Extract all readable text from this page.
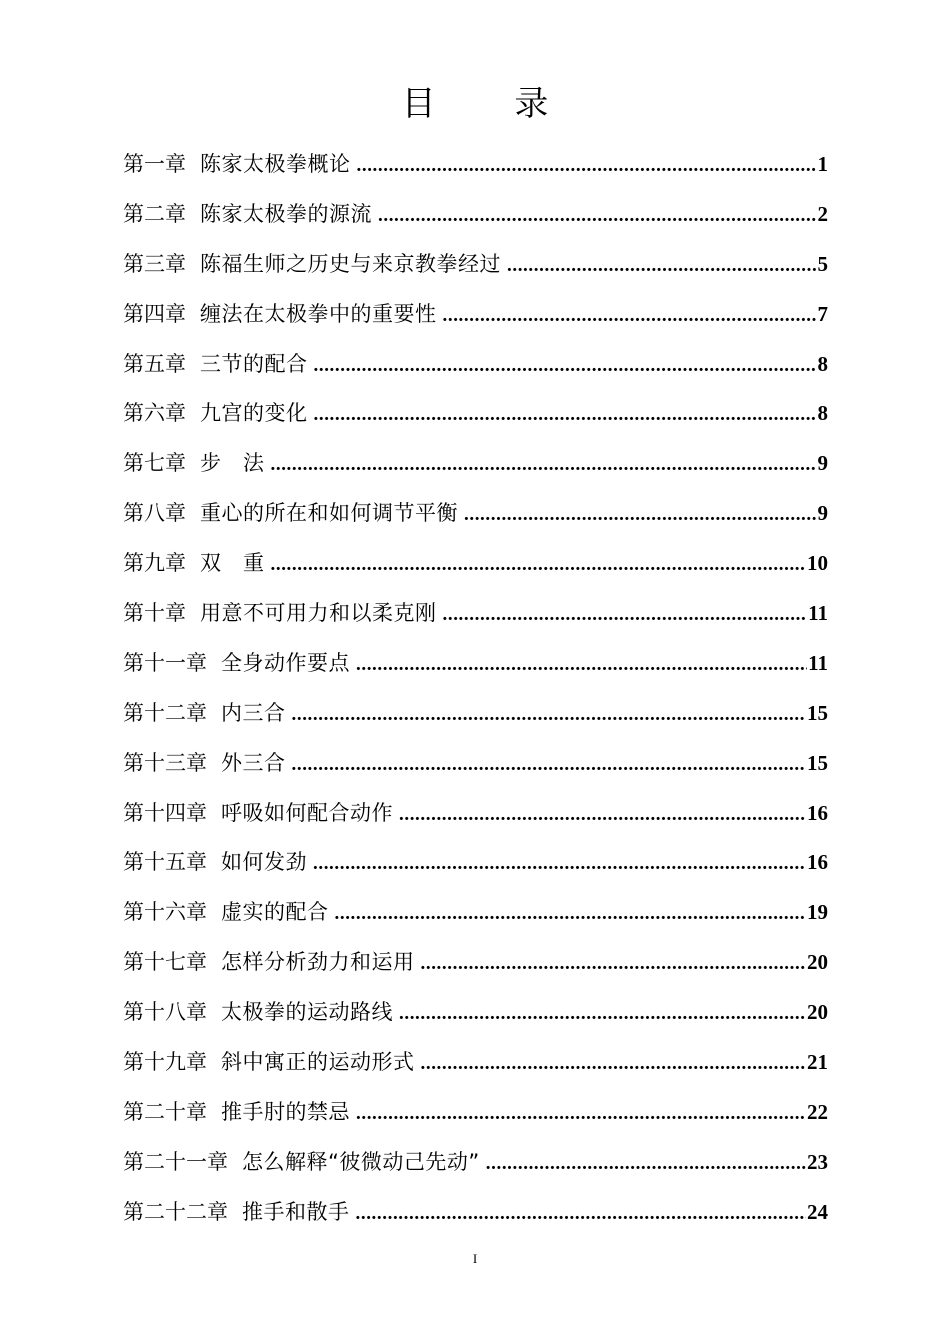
目 录
第一章 陈家太极拳概论 .....	1
第二章 陈家太极拳的源流 .....	2
第三章 陈福生师之历史与来京教拳经过 .....	5
第四章 缠法在太极拳中的重要性 .....	7
第五章 三节的配合 .....	8
第六章 九宫的变化 .....	8
第七章 步　法 .....	9
第八章 重心的所在和如何调节平衡 .....	9
第九章 双　重 .....	10
第十章 用意不可用力和以柔克刚 .....	11
第十一章 全身动作要点 .....	11
第十二章 内三合 .....	15
第十三章 外三合 .....	15
第十四章 呼吸如何配合动作 .....	16
第十五章 如何发劲 .....	16
第十六章 虚实的配合 .....	19
第十七章 怎样分析劲力和运用 .....	20
第十八章 太极拳的运动路线 .....	20
第十九章 斜中寓正的运动形式 .....	21
第二十章 推手肘的禁忌 .....	22
第二十一章 怎么解释“彼微动己先动” .....	23
第二十二章 推手和散手 .....	24
I
